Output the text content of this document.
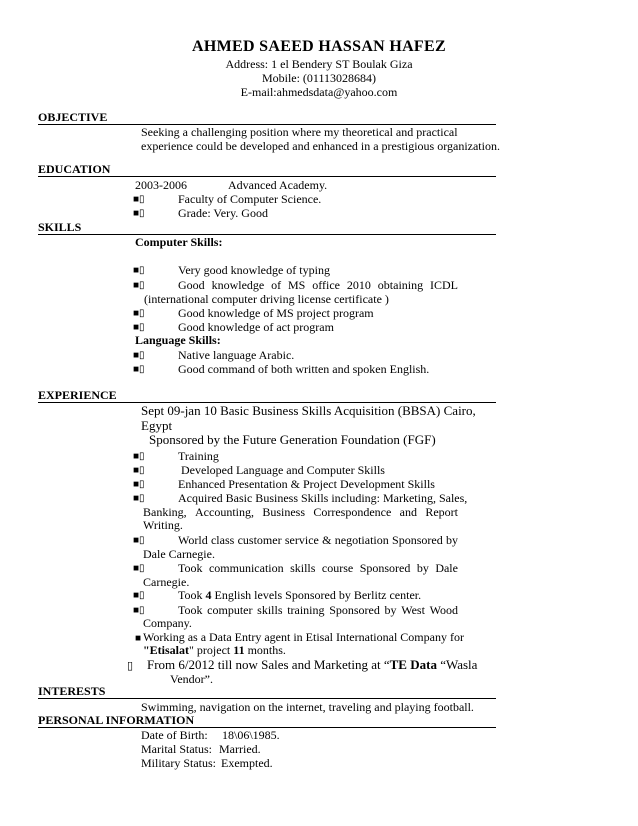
AHMED SAEED HASSAN HAFEZ
Address: 1 el Bendery ST Boulak Giza
Mobile: (01113028684)
E-mail:ahmedsdata@yahoo.com
OBJECTIVE
Seeking a challenging position where my theoretical and practical
experience could be developed and enhanced in a prestigious organization.
EDUCATION
2003-2006	Advanced Academy.
■▯	Faculty of Computer Science.
■▯	Grade: Very. Good
SKILLS
Computer Skills:
■▯	Very good knowledge of typing
■▯	Good knowledge of MS office 2010 obtaining ICDL
(international computer driving license certificate )
■▯	Good knowledge of MS project program
■▯	Good knowledge of act program
Language Skills:
■▯	Native language Arabic.
■▯	Good command of both written and spoken English.
EXPERIENCE
Sept 09-jan 10 Basic Business Skills Acquisition (BBSA) Cairo,
Egypt
Sponsored by the Future Generation Foundation (FGF)
■▯	Training
■▯	Developed Language and Computer Skills
■▯	Enhanced Presentation & Project Development Skills
■▯	Acquired Basic Business Skills including: Marketing, Sales,
Banking, Accounting, Business Correspondence and Report
Writing.
■▯	World class customer service & negotiation Sponsored by
Dale Carnegie.
■▯	Took communication skills course Sponsored by Dale
Carnegie.
■▯	Took 4 English levels Sponsored by Berlitz center.
■▯	Took computer skills training Sponsored by West Wood
Company.
■ Working as a Data Entry agent in Etisal International Company for
"Etisalat" project 11 months.
▯ From 6/2012 till now Sales and Marketing at “TE Data “Wasla
Vendor”.
INTERESTS
Swimming, navigation on the internet, traveling and playing football.
PERSONAL INFORMATION
Date of Birth: 18\06\1985.
Marital Status: Married.
Military Status: Exempted.
